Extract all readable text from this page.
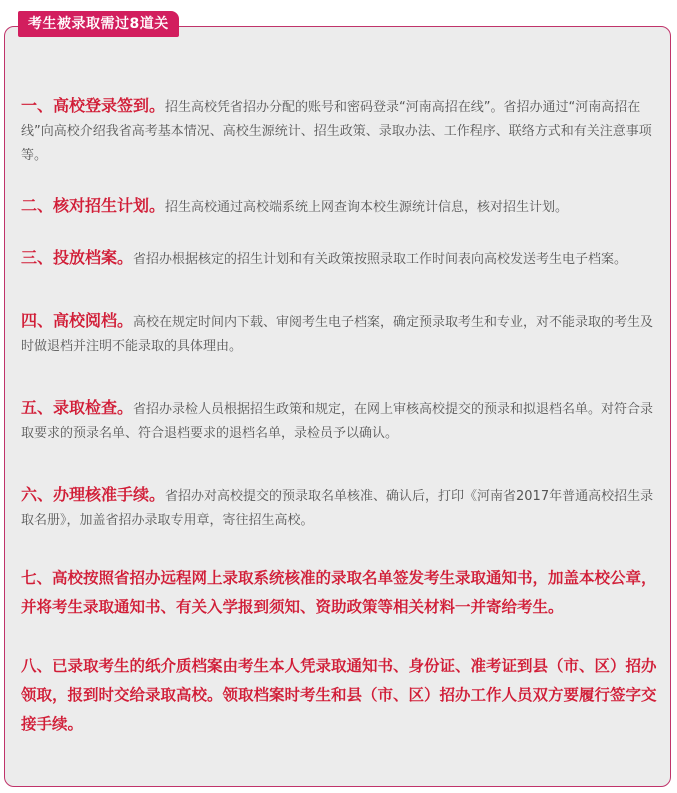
一、高校登录签到。招生高校凭省招办分配的账号和密码登录“河南高招在线”。省招办通过“河南高招在线”向高校介绍我省高考基本情况、高校生源统计、招生政策、录取办法、工作程序、联络方式和有关注意事项等。

二、核对招生计划。招生高校通过高校端系统上网查询本校生源统计信息，核对招生计划。

三、投放档案。省招办根据核定的招生计划和有关政策按照录取工作时间表向高校发送考生电子档案。

四、高校阅档。高校在规定时间内下载、审阅考生电子档案，确定预录取考生和专业，对不能录取的考生及时做退档并注明不能录取的具体理由。

五、录取检查。省招办录检人员根据招生政策和规定，在网上审核高校提交的预录和拟退档名单。对符合录取要求的预录名单、符合退档要求的退档名单，录检员予以确认。

六、办理核准手续。省招办对高校提交的预录取名单核准、确认后，打印《河南省2017年普通高校招生录取名册》，加盖省招办录取专用章，寄往招生高校。

七、高校按照省招办远程网上录取系统核准的录取名单签发考生录取通知书，加盖本校公章，并将考生录取通知书、有关入学报到须知、资助政策等相关材料一并寄给考生。

八、已录取考生的纸介质档案由考生本人凭录取通知书、身份证、准考证到县（市、区）招办领取，报到时交给录取高校。领取档案时考生和县（市、区）招办工作人员双方要履行签字交接手续。

考生被录取需过8道关
